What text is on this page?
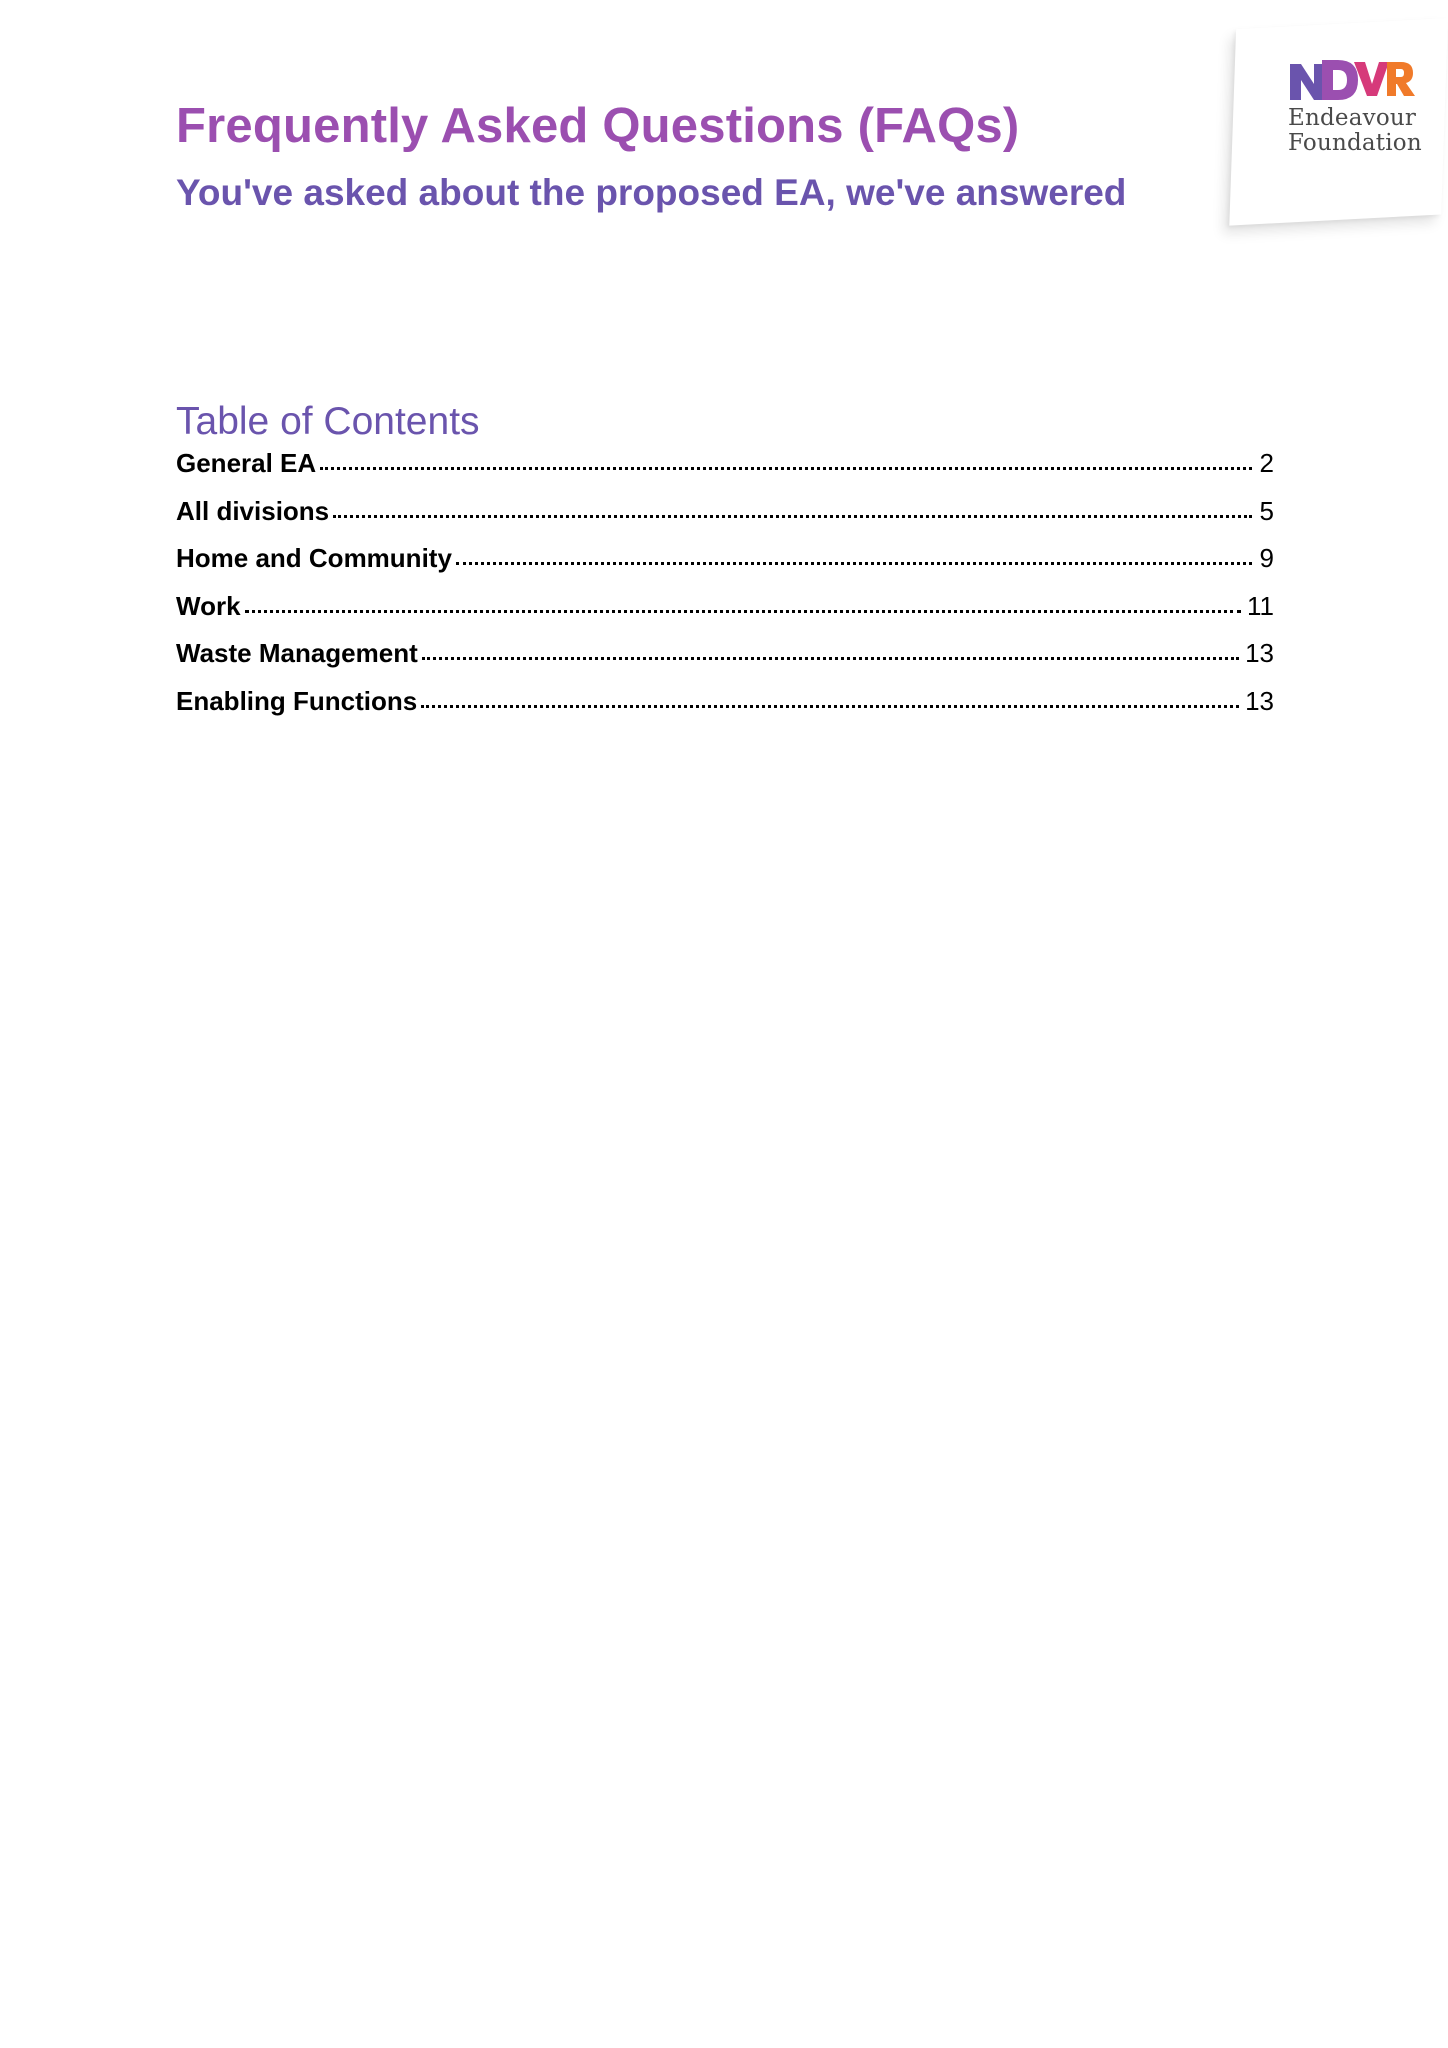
Endeavour
Foundation
Frequently Asked Questions (FAQs)
You've asked about the proposed EA, we've answered
Table of Contents
General EA	2
All divisions	5
Home and Community	9
Work	11
Waste Management	13
Enabling Functions	13
